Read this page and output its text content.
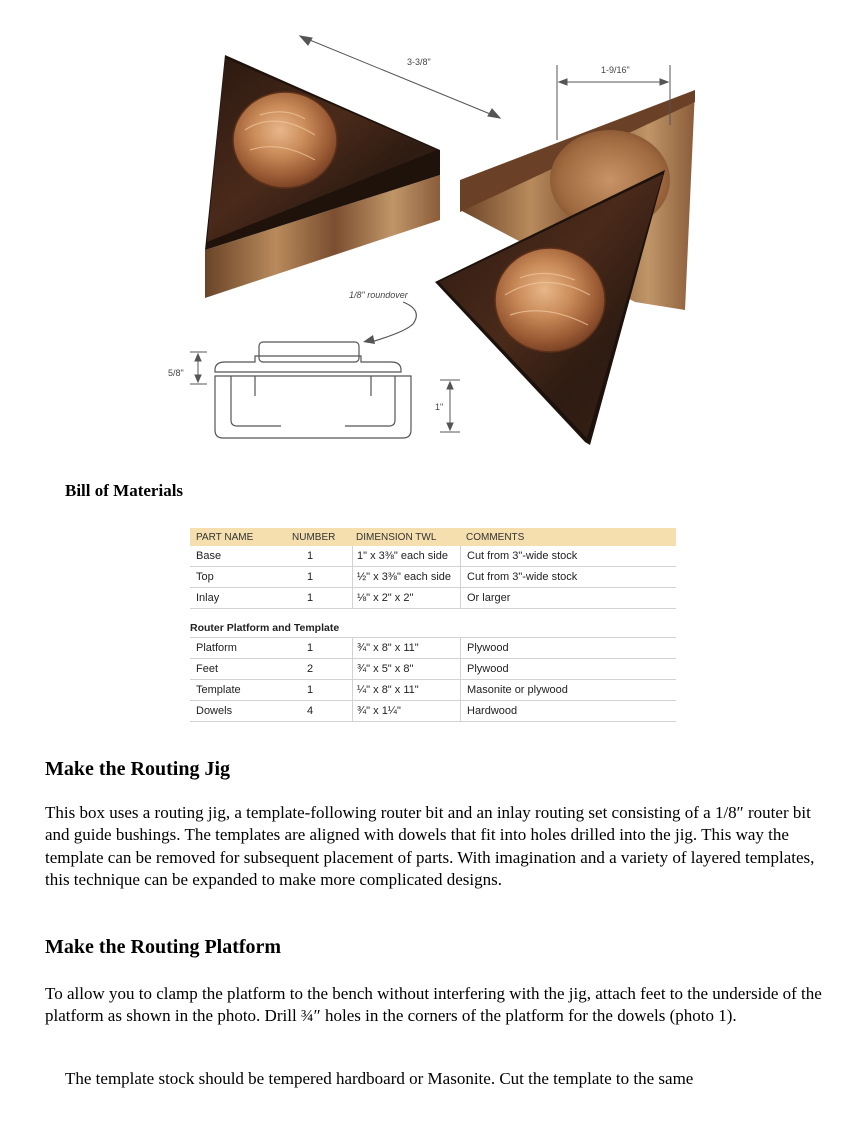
3-3/8"
1-9/16"
1/8" roundover
5/8"
1"
Bill of Materials
PART NAME	NUMBER	DIMENSION TWL	COMMENTS
Base	1	1" x 3⅜" each side	Cut from 3"-wide stock
Top	1	½" x 3⅜" each side	Cut from 3"-wide stock
Inlay	1	⅛" x 2" x 2"	Or larger
Router Platform and Template
Platform	1	¾" x 8" x 11"	Plywood
Feet	2	¾" x 5" x 8"	Plywood
Template	1	¼" x 8" x 11"	Masonite or plywood
Dowels	4	¾" x 1¼"	Hardwood
Make the Routing Jig

This box uses a routing jig, a template-following router bit and an inlay routing set consisting of a 1/8″ router bit and guide bushings. The templates are aligned with dowels that fit into holes drilled into the jig. This way the template can be removed for subsequent placement of parts. With imagination and a variety of layered templates, this technique can be expanded to make more complicated designs.

Make the Routing Platform

To allow you to clamp the platform to the bench without interfering with the jig, attach feet to the underside of the platform as shown in the photo. Drill ¾″ holes in the corners of the platform for the dowels (photo 1).

The template stock should be tempered hardboard or Masonite. Cut the template to the same
